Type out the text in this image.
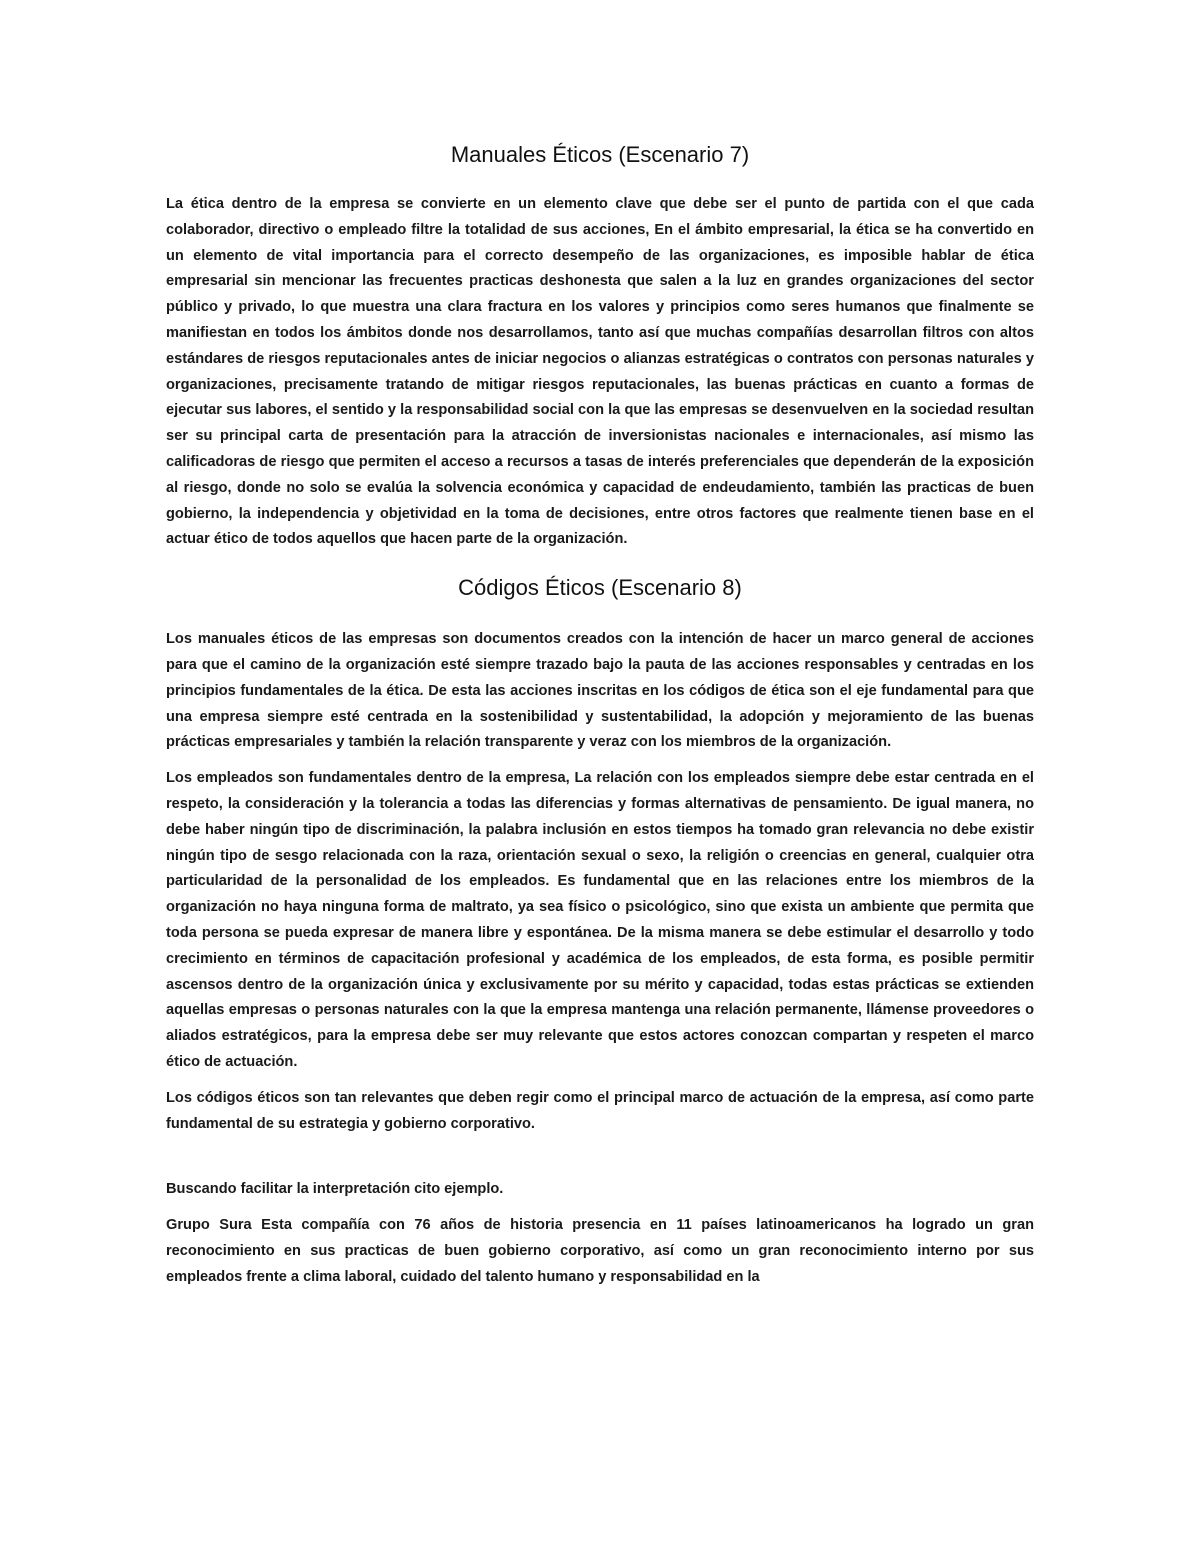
Manuales Éticos (Escenario 7)

La ética dentro de la empresa se convierte en un elemento clave que debe ser el punto de partida con el que cada colaborador, directivo o empleado filtre la totalidad de sus acciones, En el ámbito empresarial, la ética se ha convertido en un elemento de vital importancia para el correcto desempeño de las organizaciones, es imposible hablar de ética empresarial sin mencionar las frecuentes practicas deshonesta que salen a la luz en grandes organizaciones del sector público y privado, lo que muestra una clara fractura en los valores y principios como seres humanos que finalmente se manifiestan en todos los ámbitos donde nos desarrollamos, tanto así que muchas compañías desarrollan filtros con altos estándares de riesgos reputacionales antes de iniciar negocios o alianzas estratégicas o contratos con personas naturales y organizaciones, precisamente tratando de mitigar riesgos reputacionales, las buenas prácticas en cuanto a formas de ejecutar sus labores, el sentido y la responsabilidad social con la que las empresas se desenvuelven en la sociedad resultan ser su principal carta de presentación para la atracción de inversionistas nacionales e internacionales, así mismo las calificadoras de riesgo que permiten el acceso a recursos a tasas de interés preferenciales que dependerán de la exposición al riesgo, donde no solo se evalúa la solvencia económica y capacidad de endeudamiento, también las practicas de buen gobierno, la independencia y objetividad en la toma de decisiones, entre otros factores que realmente tienen base en el actuar ético de todos aquellos que hacen parte de la organización.

Códigos Éticos (Escenario 8)

Los manuales éticos de las empresas son documentos creados con la intención de hacer un marco general de acciones para que el camino de la organización esté siempre trazado bajo la pauta de las acciones responsables y centradas en los principios fundamentales de la ética. De esta las acciones inscritas en los códigos de ética son el eje fundamental para que una empresa siempre esté centrada en la sostenibilidad y sustentabilidad, la adopción y mejoramiento de las buenas prácticas empresariales y también la relación transparente y veraz con los miembros de la organización.

Los empleados son fundamentales dentro de la empresa, La relación con los empleados siempre debe estar centrada en el respeto, la consideración y la tolerancia a todas las diferencias y formas alternativas de pensamiento. De igual manera, no debe haber ningún tipo de discriminación, la palabra inclusión en estos tiempos ha tomado gran relevancia no debe existir ningún tipo de sesgo relacionada con la raza, orientación sexual o sexo, la religión o creencias en general, cualquier otra particularidad de la personalidad de los empleados. Es fundamental que en las relaciones entre los miembros de la organización no haya ninguna forma de maltrato, ya sea físico o psicológico, sino que exista un ambiente que permita que toda persona se pueda expresar de manera libre y espontánea. De la misma manera se debe estimular el desarrollo y todo crecimiento en términos de capacitación profesional y académica de los empleados, de esta forma, es posible permitir ascensos dentro de la organización única y exclusivamente por su mérito y capacidad, todas estas prácticas se extienden aquellas empresas o personas naturales con la que la empresa mantenga una relación permanente, llámense proveedores o aliados estratégicos, para la empresa debe ser muy relevante que estos actores conozcan compartan y respeten el marco ético de actuación.

Los códigos éticos son tan relevantes que deben regir como el principal marco de actuación de la empresa, así como parte fundamental de su estrategia y gobierno corporativo.

Buscando facilitar la interpretación cito ejemplo.

Grupo Sura Esta compañía con 76 años de historia presencia en 11 países latinoamericanos ha logrado un gran reconocimiento en sus practicas de buen gobierno corporativo, así como un gran reconocimiento interno por sus empleados frente a clima laboral, cuidado del talento humano y responsabilidad en la
